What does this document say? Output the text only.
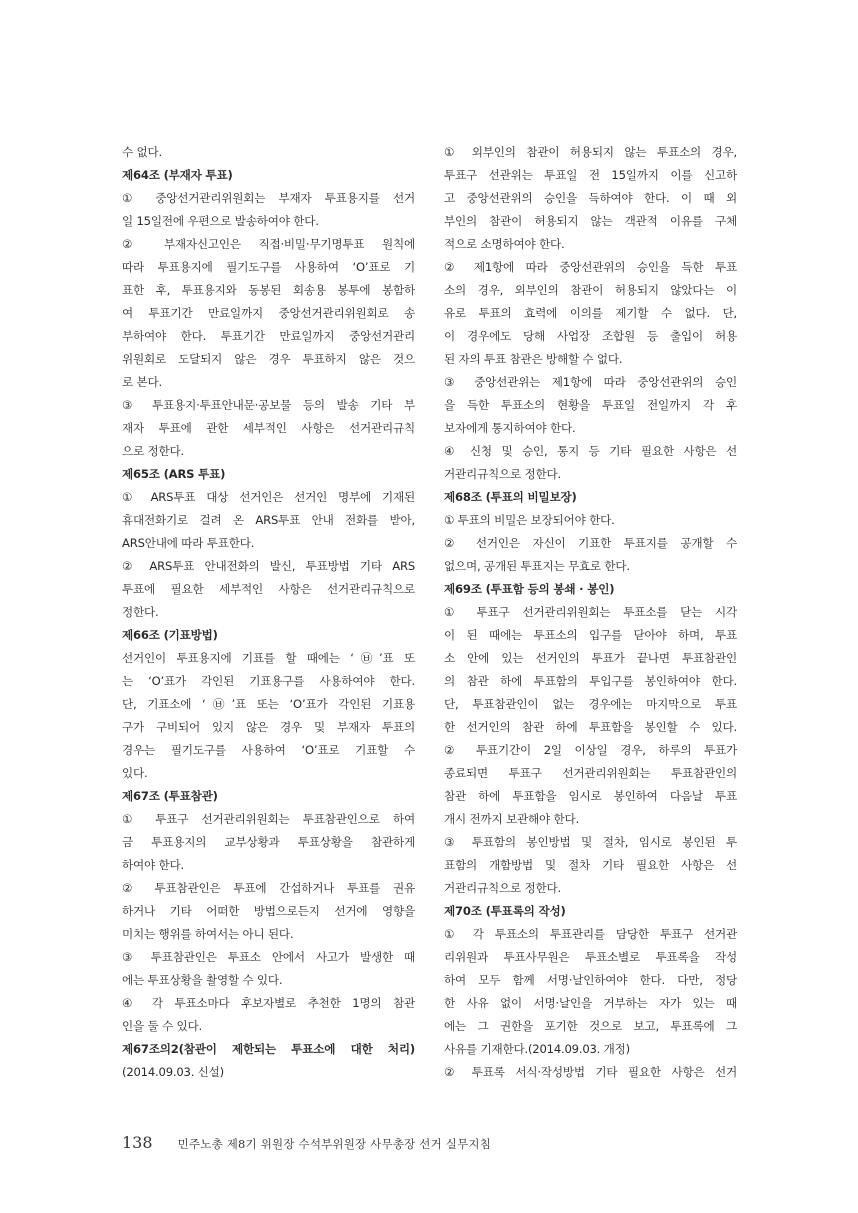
수 없다.
제64조 (부재자 투표)
① 중앙선거관리위원회는 부재자 투표용지를 선거
일 15일전에 우편으로 발송하여야 한다.
② 부재자신고인은 직접·비밀·무기명투표 원칙에
따라 투표용지에 필기도구를 사용하여 ‘O’표로 기
표한 후, 투표용지와 동봉된 회송용 봉투에 봉함하
여 투표기간 만료일까지 중앙선거관리위원회로 송
부하여야 한다. 투표기간 만료일까지 중앙선거관리
위원회로 도달되지 않은 경우 투표하지 않은 것으
로 본다.
③ 투표용지·투표안내문·공보물 등의 발송 기타 부
재자 투표에 관한 세부적인 사항은 선거관리규칙
으로 정한다.
제65조 (ARS 투표)
① ARS투표 대상 선거인은 선거인 명부에 기재된
휴대전화기로 걸려 온 ARS투표 안내 전화를 받아,
ARS안내에 따라 투표한다.
② ARS투표 안내전화의 발신, 투표방법 기타 ARS
투표에 필요한 세부적인 사항은 선거관리규칙으로
정한다.
제66조 (기표방법)
선거인이 투표용지에 기표를 할 때에는 ‘㉥’표 또
는 ‘O’표가 각인된 기표용구를 사용하여야 한다.
단, 기표소에 ‘㉥’표 또는 ‘O’표가 각인된 기표용
구가 구비되어 있지 않은 경우 및 부재자 투표의
경우는 필기도구를 사용하여 ‘O’표로 기표할 수
있다.
제67조 (투표참관)
① 투표구 선거관리위원회는 투표참관인으로 하여
금 투표용지의 교부상황과 투표상황을 참관하게
하여야 한다.
② 투표참관인은 투표에 간섭하거나 투표를 권유
하거나 기타 어떠한 방법으로든지 선거에 영향을
미치는 행위를 하여서는 아니 된다.
③ 투표참관인은 투표소 안에서 사고가 발생한 때
에는 투표상황을 촬영할 수 있다.
④ 각 투표소마다 후보자별로 추천한 1명의 참관
인을 둘 수 있다.
제67조의2(참관이 제한되는 투표소에 대한 처리)
(2014.09.03. 신설)
① 외부인의 참관이 허용되지 않는 투표소의 경우,
투표구 선관위는 투표일 전 15일까지 이를 신고하
고 중앙선관위의 승인을 득하여야 한다. 이 때 외
부인의 참관이 허용되지 않는 객관적 이유를 구체
적으로 소명하여야 한다.
② 제1항에 따라 중앙선관위의 승인을 득한 투표
소의 경우, 외부인의 참관이 허용되지 않았다는 이
유로 투표의 효력에 이의를 제기할 수 없다. 단,
이 경우에도 당해 사업장 조합원 등 출입이 허용
된 자의 투표 참관은 방해할 수 없다.
③ 중앙선관위는 제1항에 따라 중앙선관위의 승인
을 득한 투표소의 현황을 투표일 전일까지 각 후
보자에게 통지하여야 한다.
④ 신청 및 승인, 통지 등 기타 필요한 사항은 선
거관리규칙으로 정한다.
제68조 (투표의 비밀보장)
① 투표의 비밀은 보장되어야 한다.
② 선거인은 자신이 기표한 투표지를 공개할 수
없으며, 공개된 투표지는 무효로 한다.
제69조 (투표함 등의 봉쇄 · 봉인)
① 투표구 선거관리위원회는 투표소를 닫는 시각
이 된 때에는 투표소의 입구를 닫아야 하며, 투표
소 안에 있는 선거인의 투표가 끝나면 투표참관인
의 참관 하에 투표함의 투입구를 봉인하여야 한다.
단, 투표참관인이 없는 경우에는 마지막으로 투표
한 선거인의 참관 하에 투표함을 봉인할 수 있다.
② 투표기간이 2일 이상일 경우, 하루의 투표가
종료되면 투표구 선거관리위원회는 투표참관인의
참관 하에 투표함을 임시로 봉인하여 다음날 투표
개시 전까지 보관해야 한다.
③ 투표함의 봉인방법 및 절차, 임시로 봉인된 투
표함의 개함방법 및 절차 기타 필요한 사항은 선
거관리규칙으로 정한다.
제70조 (투표록의 작성)
① 각 투표소의 투표관리를 담당한 투표구 선거관
리위원과 투표사무원은 투표소별로 투표록을 작성
하여 모두 함께 서명·날인하여야 한다. 다만, 정당
한 사유 없이 서명·날인을 거부하는 자가 있는 때
에는 그 권한을 포기한 것으로 보고, 투표록에 그
사유를 기재한다.(2014.09.03. 개정)
② 투표록 서식·작성방법 기타 필요한 사항은 선거
138 민주노총 제8기 위원장 수석부위원장 사무총장 선거 실무지침
